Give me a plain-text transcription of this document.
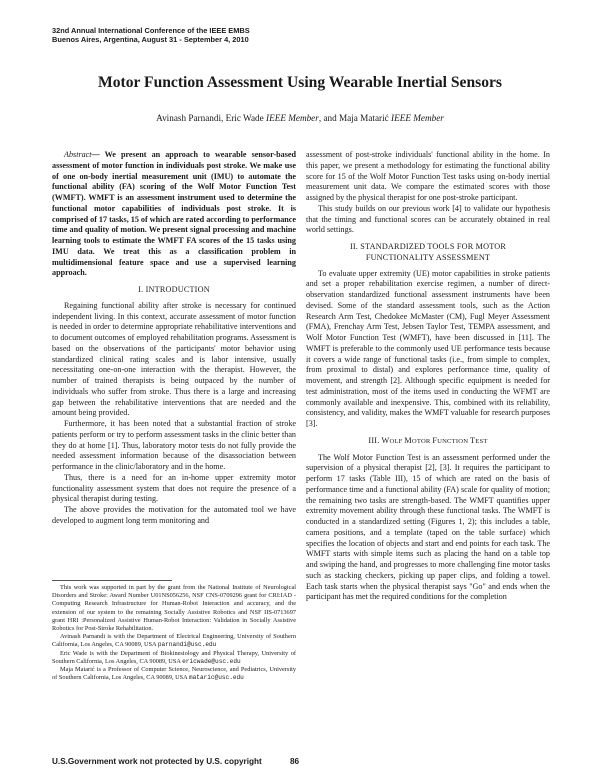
32nd Annual International Conference of the IEEE EMBS
Buenos Aires, Argentina, August 31 - September 4, 2010
Motor Function Assessment Using Wearable Inertial Sensors
Avinash Parnandi, Eric Wade IEEE Member, and Maja Matarić IEEE Member

Abstract— We present an approach to wearable sensor-based assessment of motor function in individuals post stroke. We make use of one on-body inertial measurement unit (IMU) to automate the functional ability (FA) scoring of the Wolf Motor Function Test (WMFT). WMFT is an assessment instrument used to determine the functional motor capabilities of individuals post stroke. It is comprised of 17 tasks, 15 of which are rated according to performance time and quality of motion. We present signal processing and machine learning tools to estimate the WMFT FA scores of the 15 tasks using IMU data. We treat this as a classification problem in multidimensional feature space and use a supervised learning approach.

I. INTRODUCTION

Regaining functional ability after stroke is necessary for continued independent living. In this context, accurate assessment of motor function is needed in order to determine appropriate rehabilitative interventions and to document outcomes of employed rehabilitation programs. Assessment is based on the observations of the participants' motor behavior using standardized clinical rating scales and is labor intensive, usually necessitating one-on-one interaction with the therapist. However, the number of trained therapists is being outpaced by the number of individuals who suffer from stroke. Thus there is a large and increasing gap between the rehabilitative interventions that are needed and the amount being provided.

Furthermore, it has been noted that a substantial fraction of stroke patients perform or try to perform assessment tasks in the clinic better than they do at home [1]. Thus, laboratory motor tests do not fully provide the needed assessment information because of the disassociation between performance in the clinic/laboratory and in the home.

Thus, there is a need for an in-home upper extremity motor functionality assessment system that does not require the presence of a physical therapist during testing.

The above provides the motivation for the automated tool we have developed to augment long term monitoring and

This work was supported in part by the grant from the National Institute of Neurological Disorders and Stroke: Award Number U01NS056256, NSF CNS-0709296 grant for CRI:IAD - Computing Research Infrastructure for Human-Robot Interaction and accuracy, and the extension of our system to the remaining Socially Assistive Robotics and NSF IIS-0713697 grant HRI :Personalized Assistive Human-Robot Interaction: Validation in Socially Assistive Robotics for Post-Stroke Rehabilitation.

Avinash Parnandi is with the Department of Electrical Engineering, University of Southern California, Los Angeles, CA 90089, USA parnandi@usc.edu

Eric Wade is with the Department of Biokinesiology and Physical Therapy, University of Southern California, Los Angeles, CA 90089, USA ericwade@usc.edu

Maja Matarić is a Professor of Computer Science, Neuroscience, and Pediatrics, University of Southern California, Los Angeles, CA 90089, USA mataric@usc.edu

assessment of post-stroke individuals' functional ability in the home. In this paper, we present a methodology for estimating the functional ability score for 15 of the Wolf Motor Function Test tasks using on-body inertial measurement unit data. We compare the estimated scores with those assigned by the physical therapist for one post-stroke participant.

This study builds on our previous work [4] to validate our hypothesis that the timing and functional scores can be accurately obtained in real world settings.

II. STANDARDIZED TOOLS FOR MOTOR
FUNCTIONALITY ASSESSMENT

To evaluate upper extremity (UE) motor capabilities in stroke patients and set a proper rehabilitation exercise regimen, a number of direct-observation standardized functional assessment instruments have been devised. Some of the standard assessment tools, such as the Action Research Arm Test, Chedokee McMaster (CM), Fugl Meyer Assessment (FMA), Frenchay Arm Test, Jebsen Taylor Test, TEMPA assessment, and Wolf Motor Function Test (WMFT), have been discussed in [11]. The WMFT is preferable to the commonly used UE performance tests because it covers a wide range of functional tasks (i.e., from simple to complex, from proximal to distal) and explores performance time, quality of movement, and strength [2]. Although specific equipment is needed for test administration, most of the items used in conducting the WFMT are commonly available and inexpensive. This, combined with its reliability, consistency, and validity, makes the WMFT valuable for research purposes [3].

III. WOLF MOTOR FUNCTION TEST

The Wolf Motor Function Test is an assessment performed under the supervision of a physical therapist [2], [3]. It requires the participant to perform 17 tasks (Table III), 15 of which are rated on the basis of performance time and a functional ability (FA) scale for quality of motion; the remaining two tasks are strength-based. The WMFT quantifies upper extremity movement ability through these functional tasks. The WMFT is conducted in a standardized setting (Figures 1, 2); this includes a table, camera positions, and a template (taped on the table surface) which specifies the location of objects and start and end points for each task. The WMFT starts with simple items such as placing the hand on a table top and swiping the hand, and progresses to more challenging fine motor tasks such as stacking checkers, picking up paper clips, and folding a towel. Each task starts when the physical therapist says "Go" and ends when the participant has met the required conditions for the completion

U.S.Government work not protected by U.S. copyright	86
